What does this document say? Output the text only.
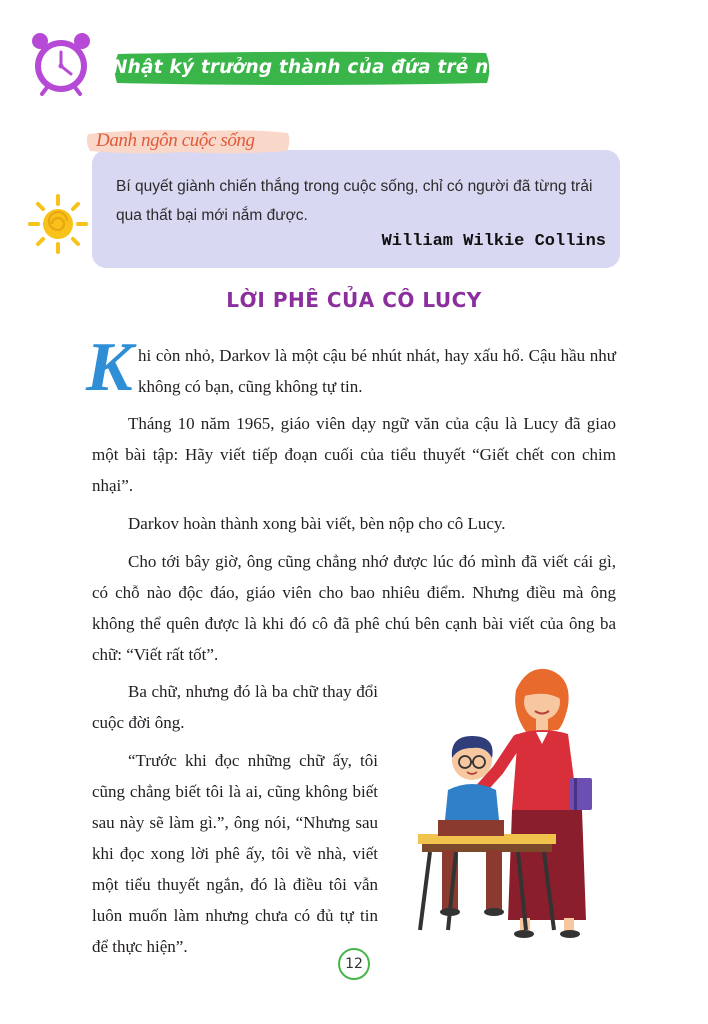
Nhật ký trưởng thành của đứa trẻ ngoan
Danh ngôn cuộc sống
Bí quyết giành chiến thắng trong cuộc sống, chỉ có người đã từng trải qua thất bại mới nắm được.
William Wilkie Collins
LỜI PHÊ CỦA CÔ LUCY
K hi còn nhỏ, Darkov là một cậu bé nhút nhát, hay xấu hổ. Cậu hầu như không có bạn, cũng không tự tin.

Tháng 10 năm 1965, giáo viên dạy ngữ văn của cậu là Lucy đã giao một bài tập: Hãy viết tiếp đoạn cuối của tiểu thuyết “Giết chết con chim nhại”.

Darkov hoàn thành xong bài viết, bèn nộp cho cô Lucy.

Cho tới bây giờ, ông cũng chẳng nhớ được lúc đó mình đã viết cái gì, có chỗ nào độc đáo, giáo viên cho bao nhiêu điểm. Nhưng điều mà ông không thể quên được là khi đó cô đã phê chú bên cạnh bài viết của ông ba chữ: “Viết rất tốt”.

Ba chữ, nhưng đó là ba chữ thay đổi cuộc đời ông.

“Trước khi đọc những chữ ấy, tôi cũng chẳng biết tôi là ai, cũng không biết sau này sẽ làm gì.”, ông nói, “Nhưng sau khi đọc xong lời phê ấy, tôi về nhà, viết một tiểu thuyết ngắn, đó là điều tôi vẫn luôn muốn làm nhưng chưa có đủ tự tin để thực hiện”.

12
